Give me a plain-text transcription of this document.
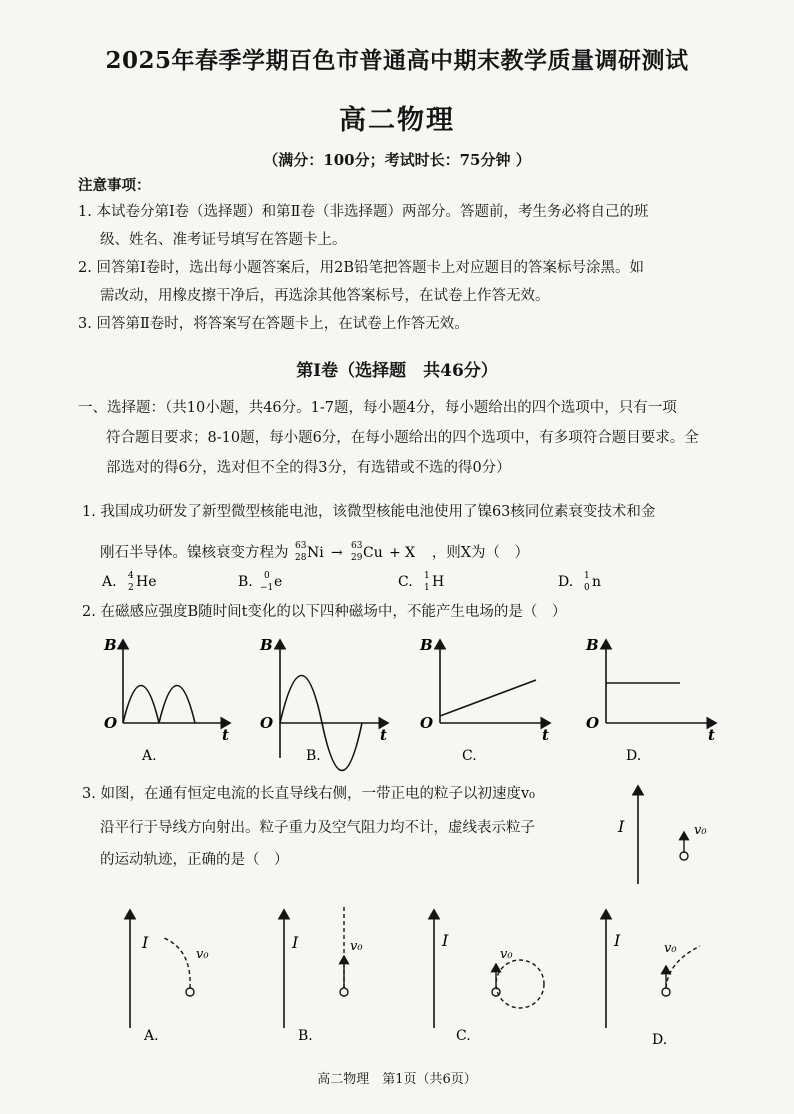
2025年春季学期百色市普通高中期末教学质量调研测试
高二物理
（满分：100分；考试时长：75分钟 ）
注意事项：
1. 本试卷分第Ⅰ卷（选择题）和第Ⅱ卷（非选择题）两部分。答题前，考生务必将自己的班
级、姓名、准考证号填写在答题卡上。
2. 回答第Ⅰ卷时，选出每小题答案后，用2B铅笔把答题卡上对应题目的答案标号涂黑。如
需改动，用橡皮擦干净后，再选涂其他答案标号，在试卷上作答无效。
3. 回答第Ⅱ卷时，将答案写在答题卡上，在试卷上作答无效。
第Ⅰ卷（选择题　共46分）
一、选择题：（共10小题，共46分。1-7题，每小题4分，每小题给出的四个选项中，只有一项
符合题目要求；8-10题，每小题6分，在每小题给出的四个选项中，有多项符合题目要求。全
部选对的得6分，选对但不全的得3分，有选错或不选的得0分）
1. 我国成功研发了新型微型核能电池，该微型核能电池使用了镍63核同位素衰变技术和金
刚石半导体。镍核衰变方程为 63
28 Ni → 63
29 Cu + X ，则X为（　）
A. 4
2 He	B. 0
−1 e	C. 1
1 H	D. 1
0 n
2. 在磁感应强度B随时间t变化的以下四种磁场中，不能产生电场的是（　）
B
t
O
A.
B
t
O
B.
B
t
O
C.
B
t
O
D.
3. 如图，在通有恒定电流的长直导线右侧，一带正电的粒子以初速度v₀
沿平行于导线方向射出。粒子重力及空气阻力均不计，虚线表示粒子
的运动轨迹，正确的是（　）
I	v₀
I
v₀
A.
I	v₀
B.
I
v₀
C.
I	v₀
D.
高二物理　第1页（共6页）
